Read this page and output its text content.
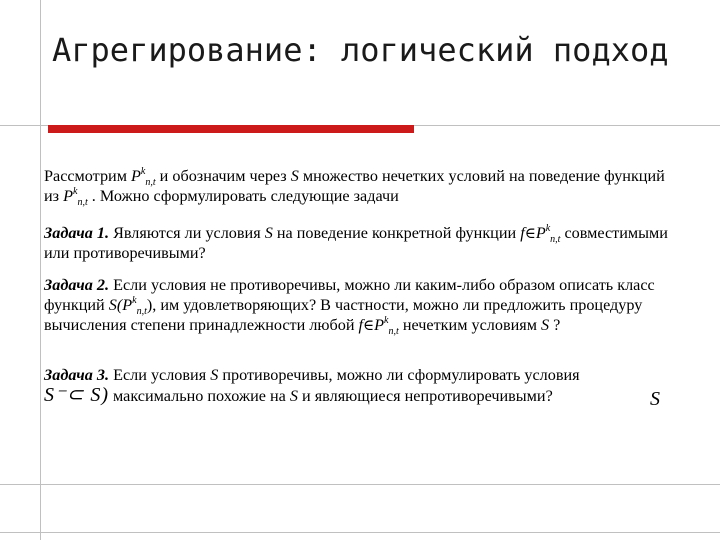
Агрегирование: логический подход

Рассмотрим $P^k_{n,t}$ и обозначим через S множество нечетких условий на поведение функций из $P^k_{n,t}$ . Можно сформулировать следующие задачи

Задача 1. Являются ли условия S на поведение конкретной функции $f\in P^k_{n,t}$ совместимыми или противоречивыми?

Задача 2. Если условия не противоречивы, можно ли каким-либо образом описать класс функций $S(P^k_{n,t})$, им удовлетворяющих? В частности, можно ли предложить процедуру вычисления степени принадлежности любой $f\in P^k_{n,t}$ нечетким условиям S ?

Задача 3. Если условия S противоречивы, можно ли сформулировать условия
S⁻⊂ S) максимально похожие на S и являющиеся непротиворечивыми?	S
